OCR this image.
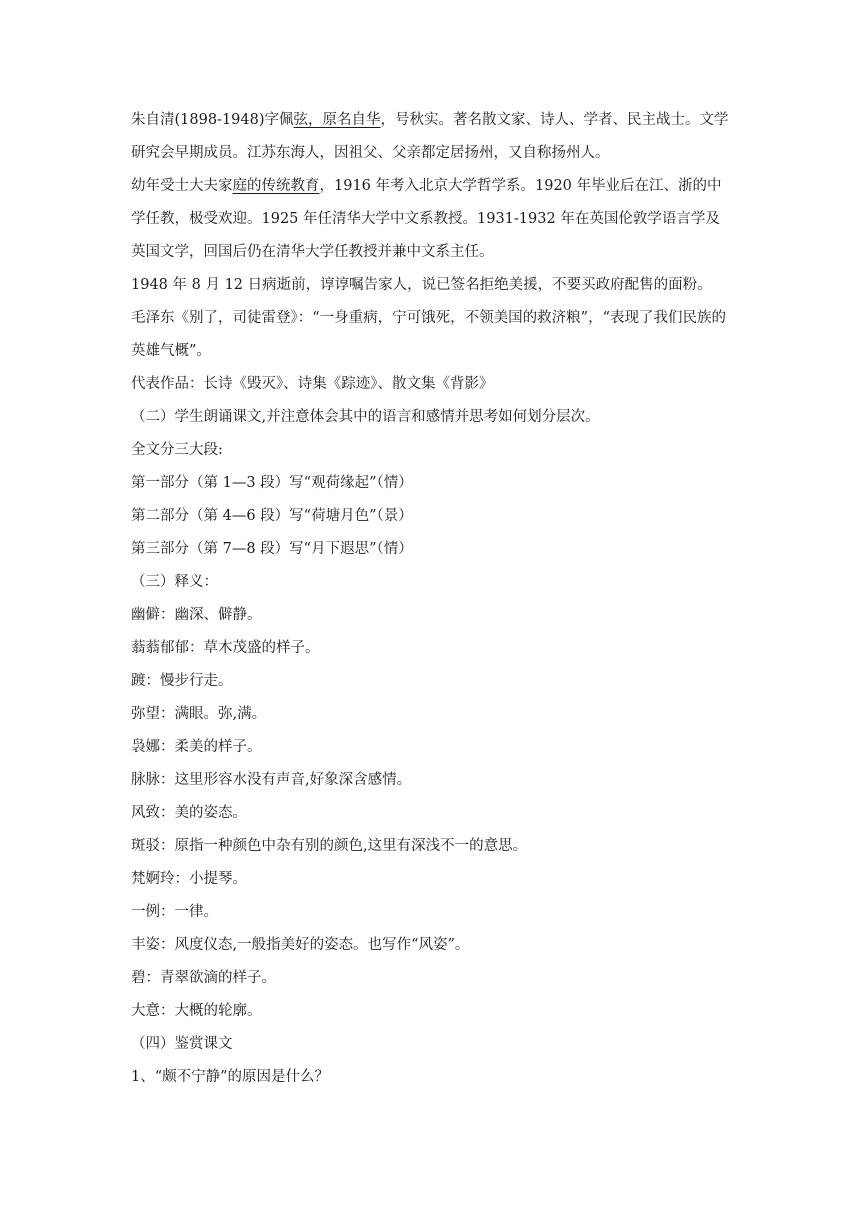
朱自清(1898-1948)字佩弦，原名自华，号秋实。著名散文家、诗人、学者、民主战士。文学研究会早期成员。江苏东海人，因祖父、父亲都定居扬州，又自称扬州人。

幼年受士大夫家庭的传统教育，1916 年考入北京大学哲学系。1920 年毕业后在江、浙的中学任教，极受欢迎。1925 年任清华大学中文系教授。1931-1932 年在英国伦敦学语言学及英国文学，回国后仍在清华大学任教授并兼中文系主任。

1948 年 8 月 12 日病逝前，谆谆嘱告家人，说已签名拒绝美援，不要买政府配售的面粉。

毛泽东《别了，司徒雷登》：“一身重病，宁可饿死，不领美国的救济粮”，“表现了我们民族的英雄气概”。

代表作品：长诗《毁灭》、诗集《踪迹》、散文集《背影》

（二）学生朗诵课文,并注意体会其中的语言和感情并思考如何划分层次。

全文分三大段:

第一部分（第 1—3 段）写“观荷缘起”（情）

第二部分（第 4—6 段）写“荷塘月色”（景）

第三部分（第 7—8 段）写“月下遐思”（情）

（三）释义：

幽僻：幽深、僻静。

蓊蓊郁郁：草木茂盛的样子。

踱：慢步行走。

弥望：满眼。弥,满。

袅娜：柔美的样子。

脉脉：这里形容水没有声音,好象深含感情。

风致：美的姿态。

斑驳：原指一种颜色中杂有别的颜色,这里有深浅不一的意思。

梵婀玲：小提琴。

一例：一律。

丰姿：风度仪态,一般指美好的姿态。也写作“风姿”。

碧：青翠欲滴的样子。

大意：大概的轮廓。

（四）鉴赏课文

1、“颇不宁静”的原因是什么？
